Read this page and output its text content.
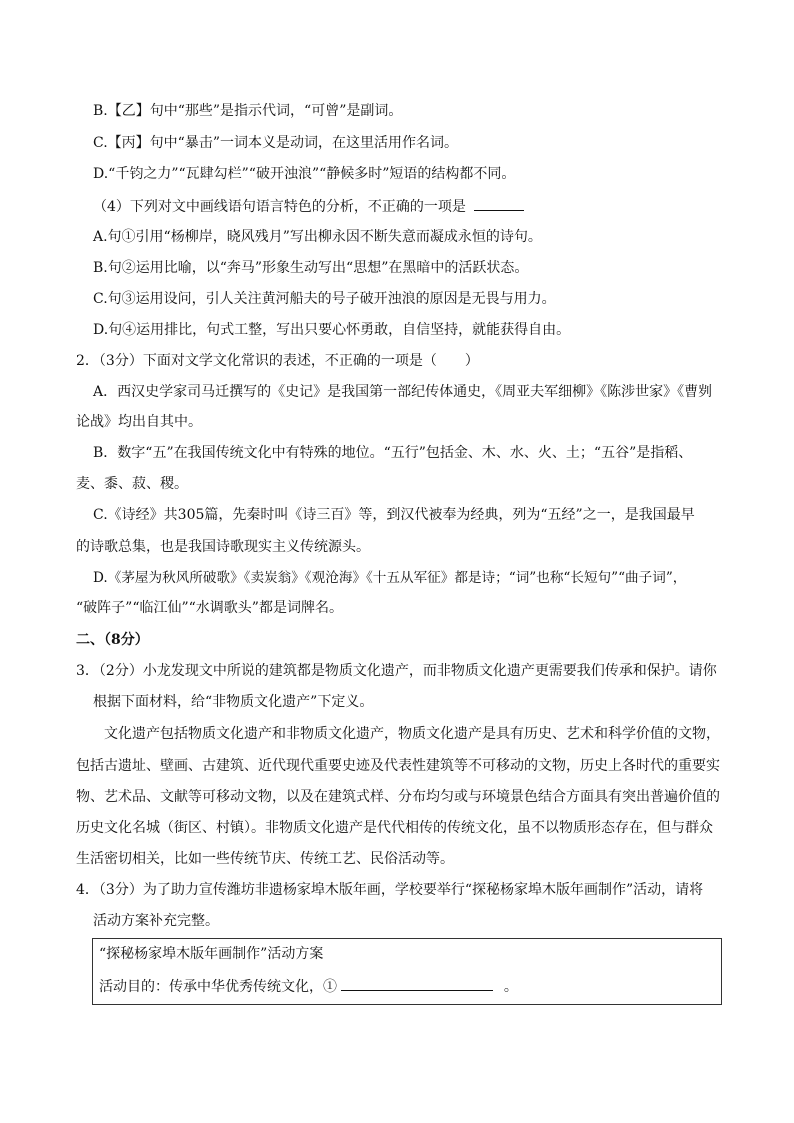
B.【乙】句中“那些”是指示代词，“可曾”是副词。
C.【丙】句中“暴击”一词本义是动词，在这里活用作名词。
D.“千钧之力”“瓦肆勾栏”“破开浊浪”“静候多时”短语的结构都不同。
（4）下列对文中画线语句语言特色的分析，不正确的一项是
A.句①引用“杨柳岸，晓风残月”写出柳永因不断失意而凝成永恒的诗句。
B.句②运用比喻，以“奔马”形象生动写出“思想”在黑暗中的活跃状态。
C.句③运用设问，引人关注黄河船夫的号子破开浊浪的原因是无畏与用力。
D.句④运用排比，句式工整，写出只要心怀勇敢，自信坚持，就能获得自由。
2．（3分）下面对文学文化常识的表述，不正确的一项是（　　）
A．西汉史学家司马迁撰写的《史记》是我国第一部纪传体通史，《周亚夫军细柳》《陈涉世家》《曹刿
论战》均出自其中。
B．数字“五”在我国传统文化中有特殊的地位。“五行”包括金、木、水、火、土；“五谷”是指稻、
麦、黍、菽、稷。
C.《诗经》共305篇，先秦时叫《诗三百》等，到汉代被奉为经典，列为“五经”之一，是我国最早
的诗歌总集，也是我国诗歌现实主义传统源头。
D.《茅屋为秋风所破歌》《卖炭翁》《观沧海》《十五从军征》都是诗；“词”也称“长短句”“曲子词”，
“破阵子”“临江仙”“水调歌头”都是词牌名。
二、（8分）
3．（2分）小龙发现文中所说的建筑都是物质文化遗产，而非物质文化遗产更需要我们传承和保护。请你
根据下面材料，给“非物质文化遗产”下定义。
文化遗产包括物质文化遗产和非物质文化遗产，物质文化遗产是具有历史、艺术和科学价值的文物，
包括古遗址、壁画、古建筑、近代现代重要史迹及代表性建筑等不可移动的文物，历史上各时代的重要实
物、艺术品、文献等可移动文物，以及在建筑式样、分布均匀或与环境景色结合方面具有突出普遍价值的
历史文化名城（街区、村镇）。非物质文化遗产是代代相传的传统文化，虽不以物质形态存在，但与群众
生活密切相关，比如一些传统节庆、传统工艺、民俗活动等。
4．（3分）为了助力宣传潍坊非遗杨家埠木版年画，学校要举行“探秘杨家埠木版年画制作”活动，请将
活动方案补充完整。
“探秘杨家埠木版年画制作”活动方案
活动目的：传承中华优秀传统文化，①	。
